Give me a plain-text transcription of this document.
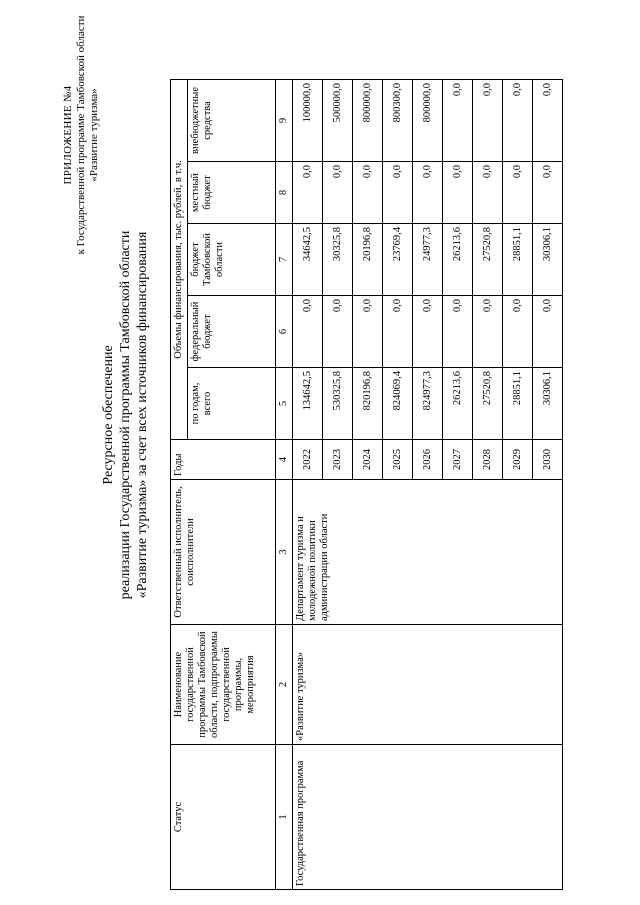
ПРИЛОЖЕНИЕ №4 к Государственной программе Тамбовской области «Развитие туризма»
Ресурсное обеспечение реализации Государственной программы Тамбовской области «Развитие туризма» за счет всех источников финансирования
Статус	Наименование государственной программы Тамбовской области, подпрограммы государственной программы, мероприятия	Ответственный исполнитель, соисполнители	Годы	Объемы финансирования, тыс. рублей, в т.ч.				
				по годам, всего	федеральный бюджет	бюджет Тамбовской области	местный бюджет	внебюджетные средства
1	2	3	4	5	6	7	8	9
Государственная программа	«Развитие туризма»	Департамент туризма и молодежной политики администрации области	2022	134642,5	0,0	34642,5	0,0	100000,0
			2023	530325,8	0,0	30325,8	0,0	500000,0
			2024	820196,8	0,0	20196,8	0,0	800000,0
			2025	824069,4	0,0	23769,4	0,0	800300,0
			2026	824977,3	0,0	24977,3	0,0	800000,0
			2027	26213,6	0,0	26213,6	0,0	0,0
			2028	27520,8	0,0	27520,8	0,0	0,0
			2029	28851,1	0,0	28851,1	0,0	0,0
			2030	30306,1	0,0	30306,1	0,0	0,0
